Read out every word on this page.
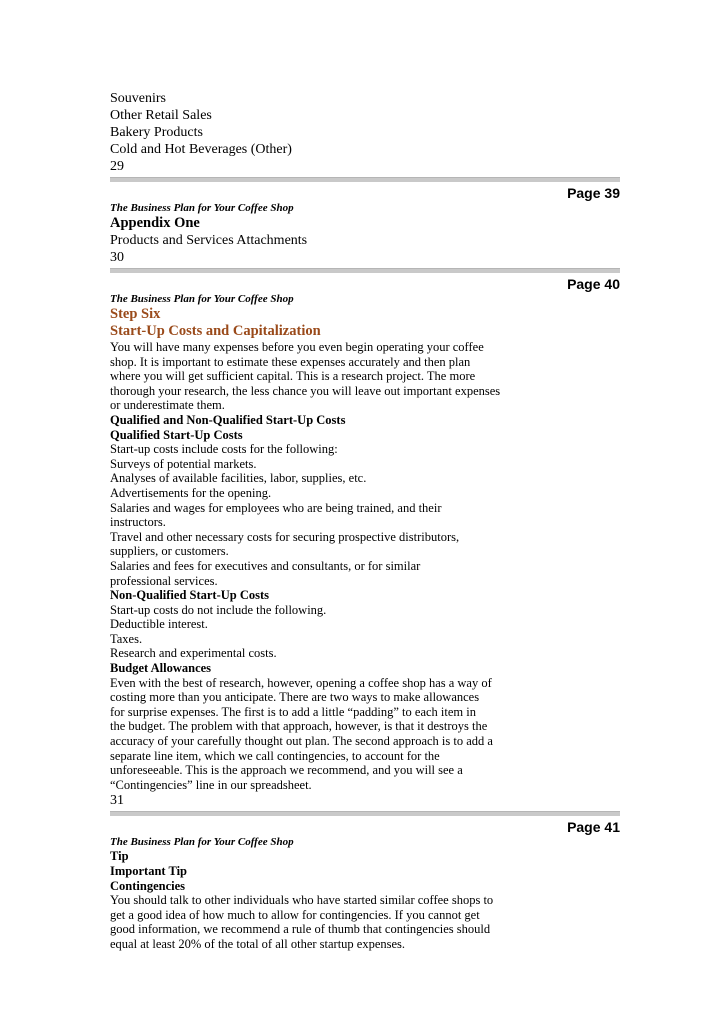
Souvenirs
Other Retail Sales
Bakery Products
Cold and Hot Beverages (Other)
29
Page 39
The Business Plan for Your Coffee Shop
Appendix One
Products and Services Attachments
30
Page 40
The Business Plan for Your Coffee Shop
Step Six
Start-Up Costs and Capitalization
You will have many expenses before you even begin operating your coffee
shop. It is important to estimate these expenses accurately and then plan
where you will get sufficient capital. This is a research project. The more
thorough your research, the less chance you will leave out important expenses
or underestimate them.
Qualified and Non-Qualified Start-Up Costs
Qualified Start-Up Costs
Start-up costs include costs for the following:
Surveys of potential markets.
Analyses of available facilities, labor, supplies, etc.
Advertisements for the opening.
Salaries and wages for employees who are being trained, and their
instructors.
Travel and other necessary costs for securing prospective distributors,
suppliers, or customers.
Salaries and fees for executives and consultants, or for similar
professional services.
Non-Qualified Start-Up Costs
Start-up costs do not include the following.
Deductible interest.
Taxes.
Research and experimental costs.
Budget Allowances
Even with the best of research, however, opening a coffee shop has a way of
costing more than you anticipate. There are two ways to make allowances
for surprise expenses. The first is to add a little “padding” to each item in
the budget. The problem with that approach, however, is that it destroys the
accuracy of your carefully thought out plan. The second approach is to add a
separate line item, which we call contingencies, to account for the
unforeseeable. This is the approach we recommend, and you will see a
“Contingencies” line in our spreadsheet.
31
Page 41
The Business Plan for Your Coffee Shop
Tip
Important Tip
Contingencies
You should talk to other individuals who have started similar coffee shops to
get a good idea of how much to allow for contingencies. If you cannot get
good information, we recommend a rule of thumb that contingencies should
equal at least 20% of the total of all other startup expenses.
